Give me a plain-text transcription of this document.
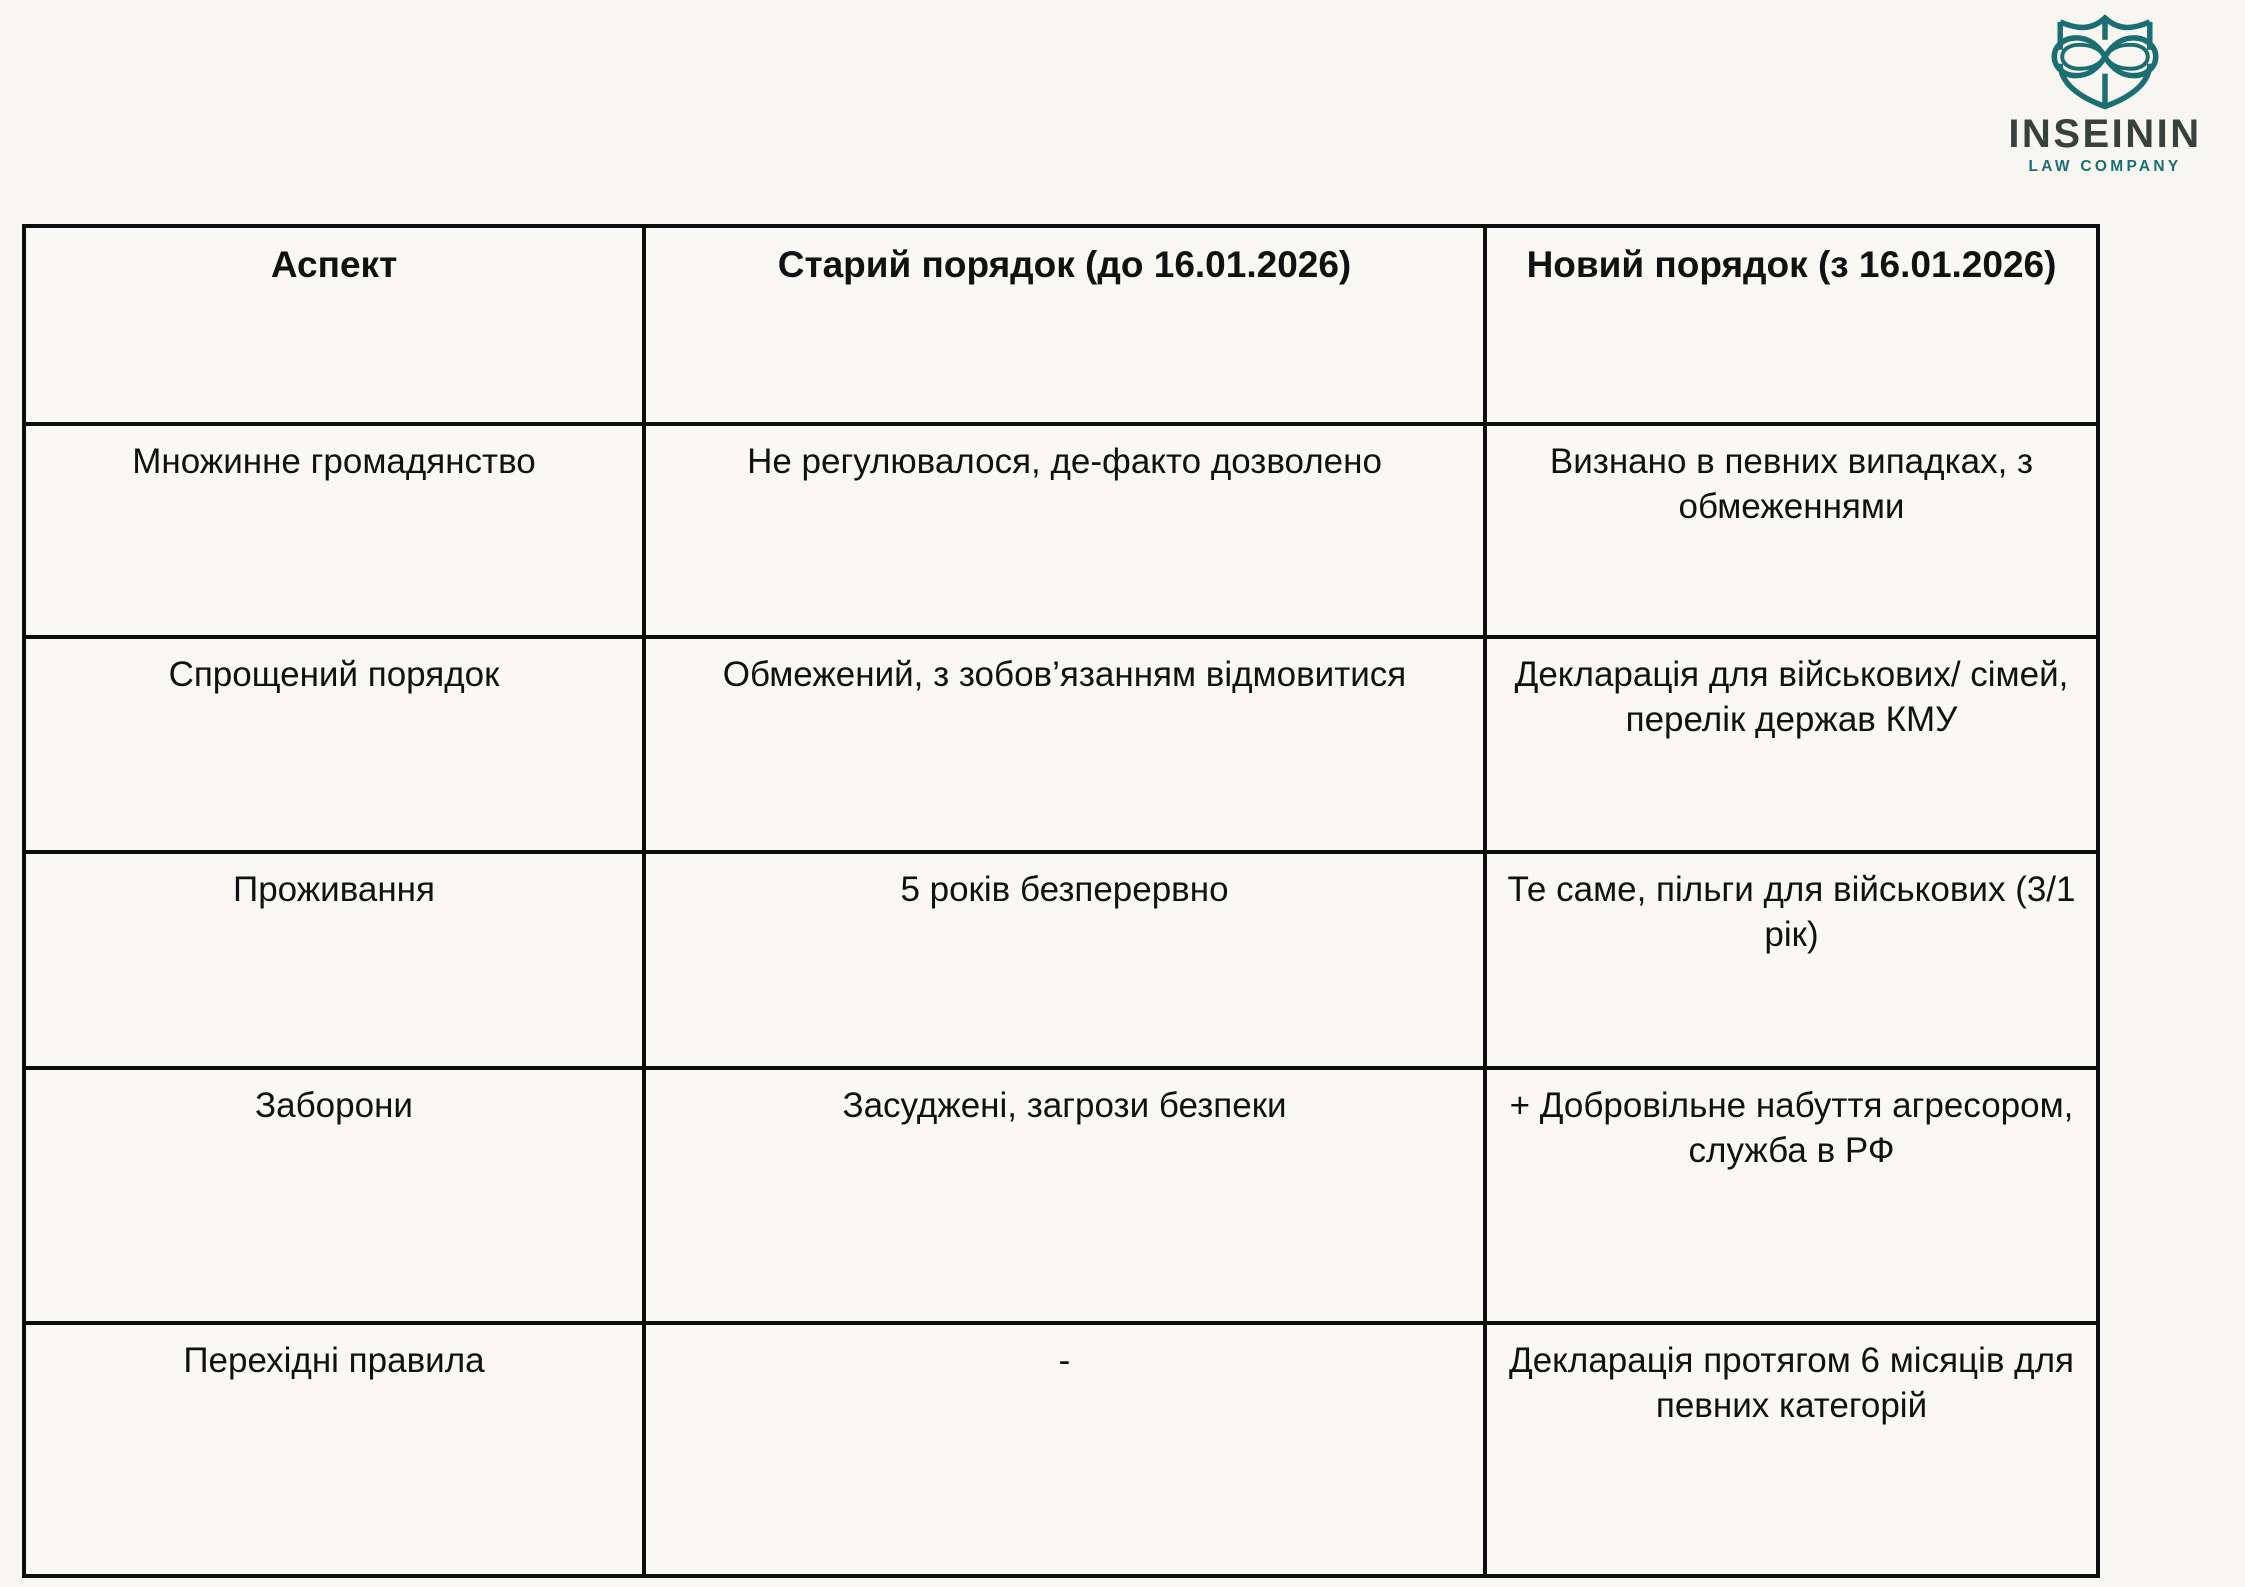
INSEININ
LAW COMPANY
Аспект	Старий порядок (до 16.01.2026)	Новий порядок (з 16.01.2026)
Множинне громадянство	Не регулювалося, де-факто дозволено	Визнано в певних випадках, з обмеженнями
Спрощений порядок	Обмежений, з зобов’язанням відмовитися	Декларація для військових/ сімей, перелік держав КМУ
Проживання	5 років безперервно	Те саме, пільги для військових (3/1 рік)
Заборони	Засуджені, загрози безпеки	+ Добровільне набуття агресором, служба в РФ
Перехідні правила	-	Декларація протягом 6 місяців для певних категорій
